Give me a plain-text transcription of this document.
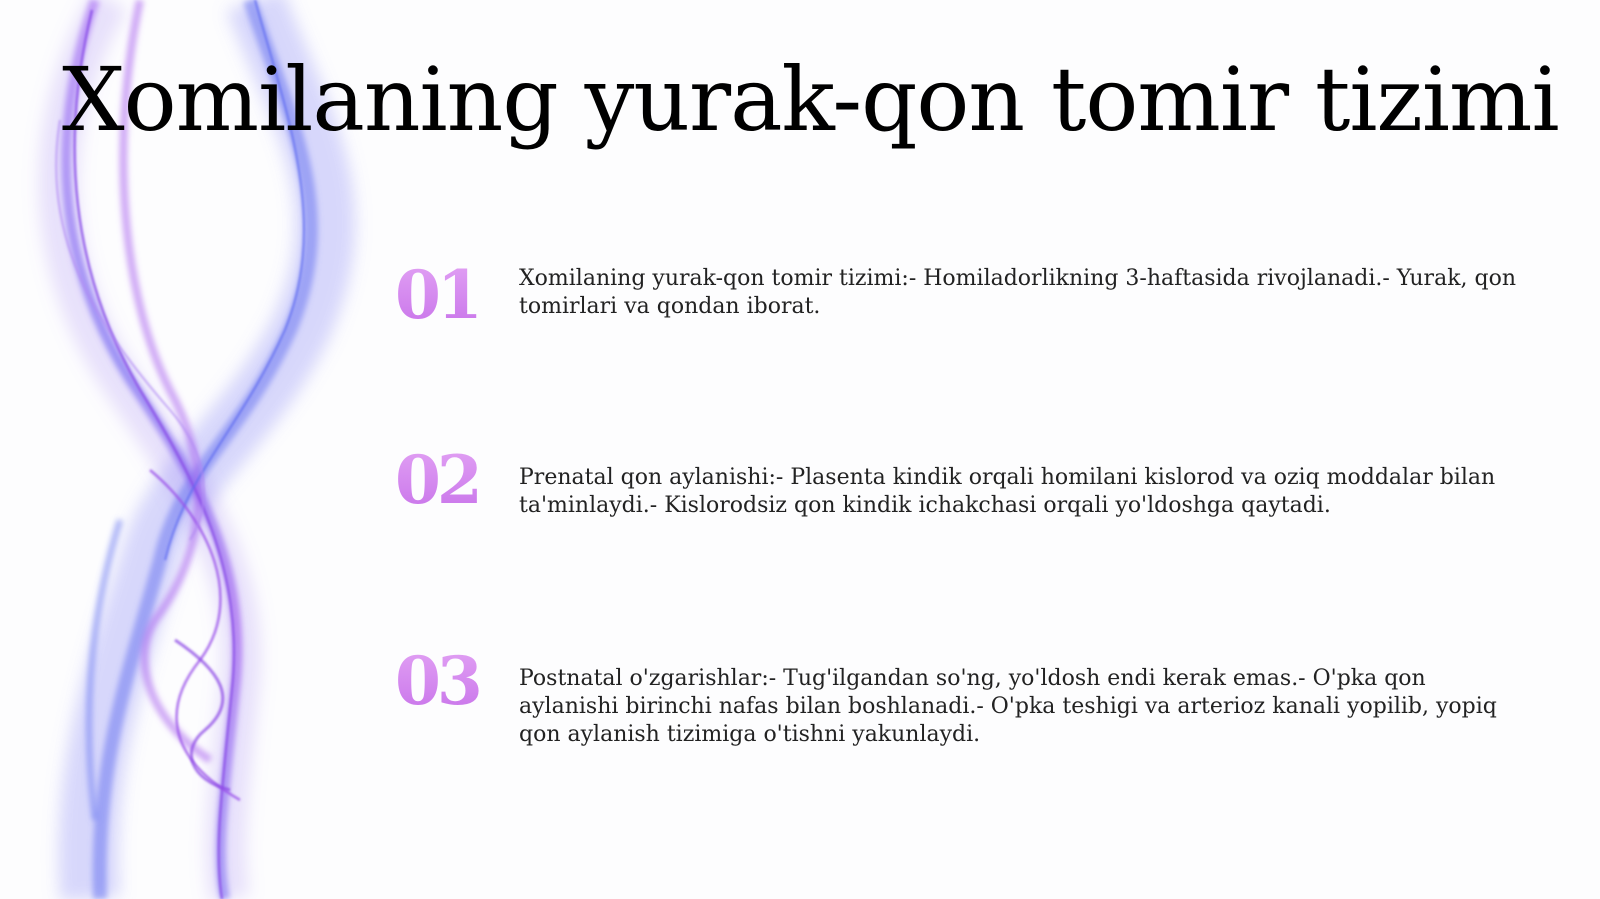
Xomilaning yurak-qon tomir tizimi
01	Xomilaning yurak-qon tomir tizimi:- Homiladorlikning 3-haftasida rivojlanadi.- Yurak, qon tomirlari va qondan iborat.
02	Prenatal qon aylanishi:- Plasenta kindik orqali homilani kislorod va oziq moddalar bilan ta'minlaydi.- Kislorodsiz qon kindik ichakchasi orqali yo'ldoshga qaytadi.
03	Postnatal o'zgarishlar:- Tug'ilgandan so'ng, yo'ldosh endi kerak emas.- O'pka qon aylanishi birinchi nafas bilan boshlanadi.- O'pka teshigi va arterioz kanali yopilib, yopiq qon aylanish tizimiga o'tishni yakunlaydi.
